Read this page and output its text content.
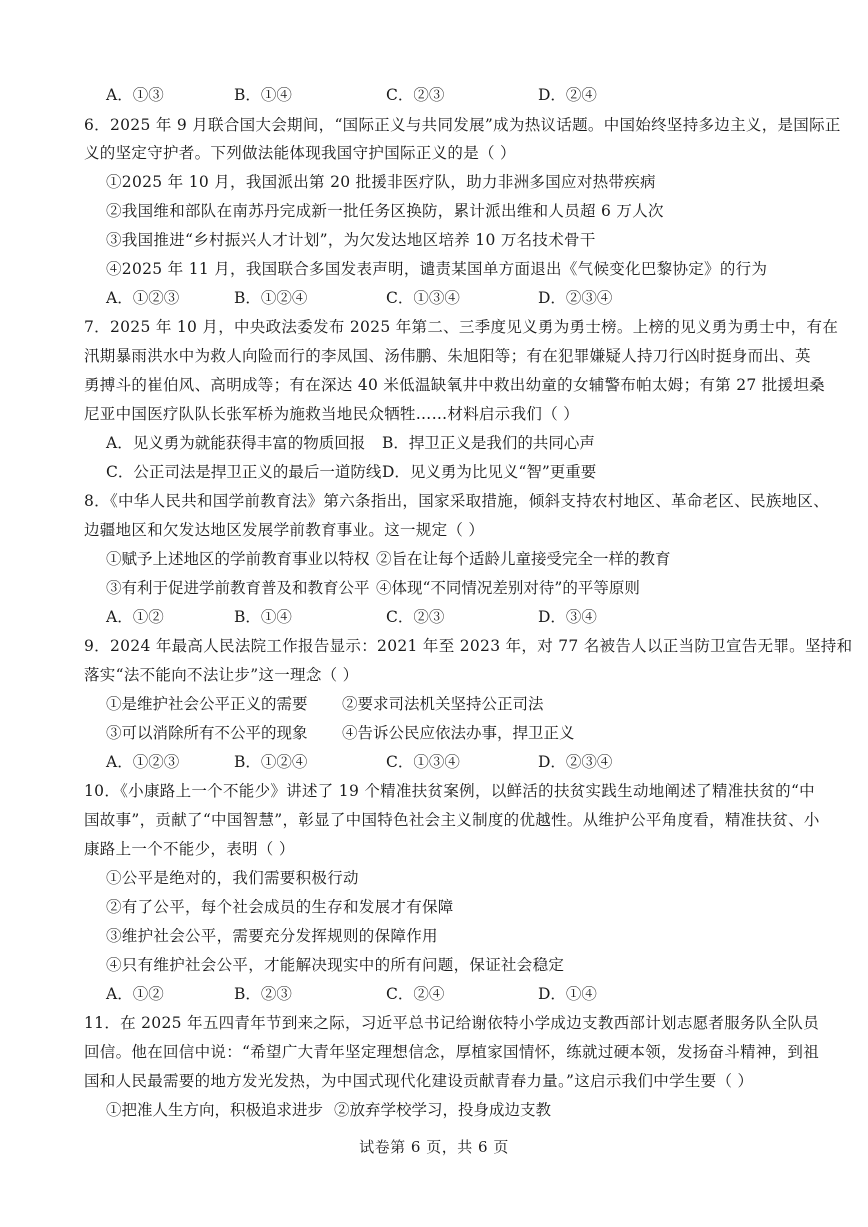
A．①③	B．①④	C．②③	D．②④
6．2025 年 9 月联合国大会期间，“国际正义与共同发展”成为热议话题。中国始终坚持多边主义，是国际正
义的坚定守护者。下列做法能体现我国守护国际正义的是（ ）
①2025 年 10 月，我国派出第 20 批援非医疗队，助力非洲多国应对热带疾病
②我国维和部队在南苏丹完成新一批任务区换防，累计派出维和人员超 6 万人次
③我国推进“乡村振兴人才计划”，为欠发达地区培养 10 万名技术骨干
④2025 年 11 月，我国联合多国发表声明，谴责某国单方面退出《气候变化巴黎协定》的行为
A．①②③	B．①②④	C．①③④	D．②③④
7．2025 年 10 月，中央政法委发布 2025 年第二、三季度见义勇为勇士榜。上榜的见义勇为勇士中，有在
汛期暴雨洪水中为救人向险而行的李凤国、汤伟鹏、朱旭阳等；有在犯罪嫌疑人持刀行凶时挺身而出、英
勇搏斗的崔伯风、高明成等；有在深达 40 米低温缺氧井中救出幼童的女辅警布帕太姆；有第 27 批援坦桑
尼亚中国医疗队队长张军桥为施救当地民众牺牲……材料启示我们（ ）
A．见义勇为就能获得丰富的物质回报 B．捍卫正义是我们的共同心声
C．公正司法是捍卫正义的最后一道防线 D．见义勇为比见义“智”更重要
8．《中华人民共和国学前教育法》第六条指出，国家采取措施，倾斜支持农村地区、革命老区、民族地区、
边疆地区和欠发达地区发展学前教育事业。这一规定（ ）
①赋予上述地区的学前教育事业以特权 ②旨在让每个适龄儿童接受完全一样的教育
③有利于促进学前教育普及和教育公平 ④体现“不同情况差别对待”的平等原则
A．①②	B．①④	C．②③	D．③④
9．2024 年最高人民法院工作报告显示：2021 年至 2023 年，对 77 名被告人以正当防卫宣告无罪。坚持和
落实“法不能向不法让步”这一理念（ ）
①是维护社会公平正义的需要 ②要求司法机关坚持公正司法
③可以消除所有不公平的现象 ④告诉公民应依法办事，捍卫正义
A．①②③	B．①②④	C．①③④	D．②③④
10．《小康路上一个不能少》讲述了 19 个精准扶贫案例，以鲜活的扶贫实践生动地阐述了精准扶贫的“中
国故事”，贡献了“中国智慧”，彰显了中国特色社会主义制度的优越性。从维护公平角度看，精准扶贫、小
康路上一个不能少，表明（ ）
①公平是绝对的，我们需要积极行动
②有了公平，每个社会成员的生存和发展才有保障
③维护社会公平，需要充分发挥规则的保障作用
④只有维护社会公平，才能解决现实中的所有问题，保证社会稳定
A．①②	B．②③	C．②④	D．①④
11．在 2025 年五四青年节到来之际，习近平总书记给谢依特小学成边支教西部计划志愿者服务队全队员
回信。他在回信中说：“希望广大青年坚定理想信念，厚植家国情怀，练就过硬本领，发扬奋斗精神，到祖
国和人民最需要的地方发光发热，为中国式现代化建设贡献青春力量。”这启示我们中学生要（ ）
①把准人生方向，积极追求进步 ②放弃学校学习，投身成边支教
试卷第 6 页，共 6 页
